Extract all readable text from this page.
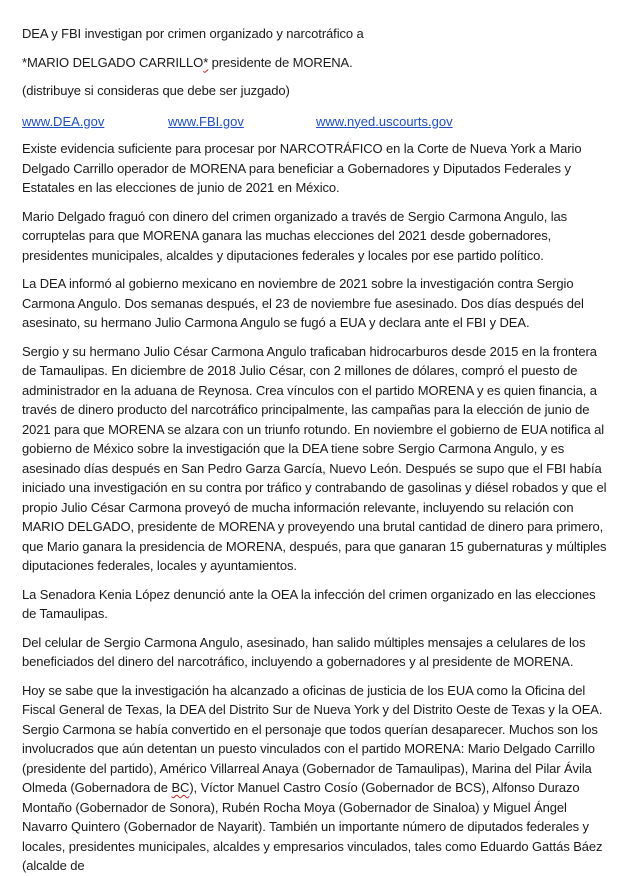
DEA y FBI investigan por crimen organizado y narcotráfico a

*MARIO DELGADO CARRILLO* presidente de MORENA.

(distribuye si consideras que debe ser juzgado)

www.DEA.gov	www.FBI.gov	www.nyed.uscourts.gov

Existe evidencia suficiente para procesar por NARCOTRÁFICO en la Corte de Nueva York a Mario Delgado Carrillo operador de MORENA para beneficiar a Gobernadores y Diputados Federales y Estatales en las elecciones de junio de 2021 en México.

Mario Delgado fraguó con dinero del crimen organizado a través de Sergio Carmona Angulo, las corruptelas para que MORENA ganara las muchas elecciones del 2021 desde gobernadores, presidentes municipales, alcaldes y diputaciones federales y locales por ese partido político.

La DEA informó al gobierno mexicano en noviembre de 2021 sobre la investigación contra Sergio Carmona Angulo. Dos semanas después, el 23 de noviembre fue asesinado. Dos días después del asesinato, su hermano Julio Carmona Angulo se fugó a EUA y declara ante el FBI y DEA.

Sergio y su hermano Julio César Carmona Angulo traficaban hidrocarburos desde 2015 en la frontera de Tamaulipas. En diciembre de 2018 Julio César, con 2 millones de dólares, compró el puesto de administrador en la aduana de Reynosa. Crea vínculos con el partido MORENA y es quien financia, a través de dinero producto del narcotráfico principalmente, las campañas para la elección de junio de 2021 para que MORENA se alzara con un triunfo rotundo. En noviembre el gobierno de EUA notifica al gobierno de México sobre la investigación que la DEA tiene sobre Sergio Carmona Angulo, y es asesinado días después en San Pedro Garza García, Nuevo León. Después se supo que el FBI había iniciado una investigación en su contra por tráfico y contrabando de gasolinas y diésel robados y que el propio Julio César Carmona proveyó de mucha información relevante, incluyendo su relación con MARIO DELGADO, presidente de MORENA y proveyendo una brutal cantidad de dinero para primero, que Mario ganara la presidencia de MORENA, después, para que ganaran 15 gubernaturas y múltiples diputaciones federales, locales y ayuntamientos.

La Senadora Kenia López denunció ante la OEA la infección del crimen organizado en las elecciones de Tamaulipas.

Del celular de Sergio Carmona Angulo, asesinado, han salido múltiples mensajes a celulares de los beneficiados del dinero del narcotráfico, incluyendo a gobernadores y al presidente de MORENA.

Hoy se sabe que la investigación ha alcanzado a oficinas de justicia de los EUA como la Oficina del Fiscal General de Texas, la DEA del Distrito Sur de Nueva York y del Distrito Oeste de Texas y la OEA. Sergio Carmona se había convertido en el personaje que todos querían desaparecer. Muchos son los involucrados que aún detentan un puesto vinculados con el partido MORENA: Mario Delgado Carrillo (presidente del partido), Américo Villarreal Anaya (Gobernador de Tamaulipas), Marina del Pilar Ávila Olmeda (Gobernadora de BC), Víctor Manuel Castro Cosío (Gobernador de BCS), Alfonso Durazo Montaño (Gobernador de Sonora), Rubén Rocha Moya (Gobernador de Sinaloa) y Miguel Ángel Navarro Quintero (Gobernador de Nayarit). También un importante número de diputados federales y locales, presidentes municipales, alcaldes y empresarios vinculados, tales como Eduardo Gattás Báez (alcalde de
